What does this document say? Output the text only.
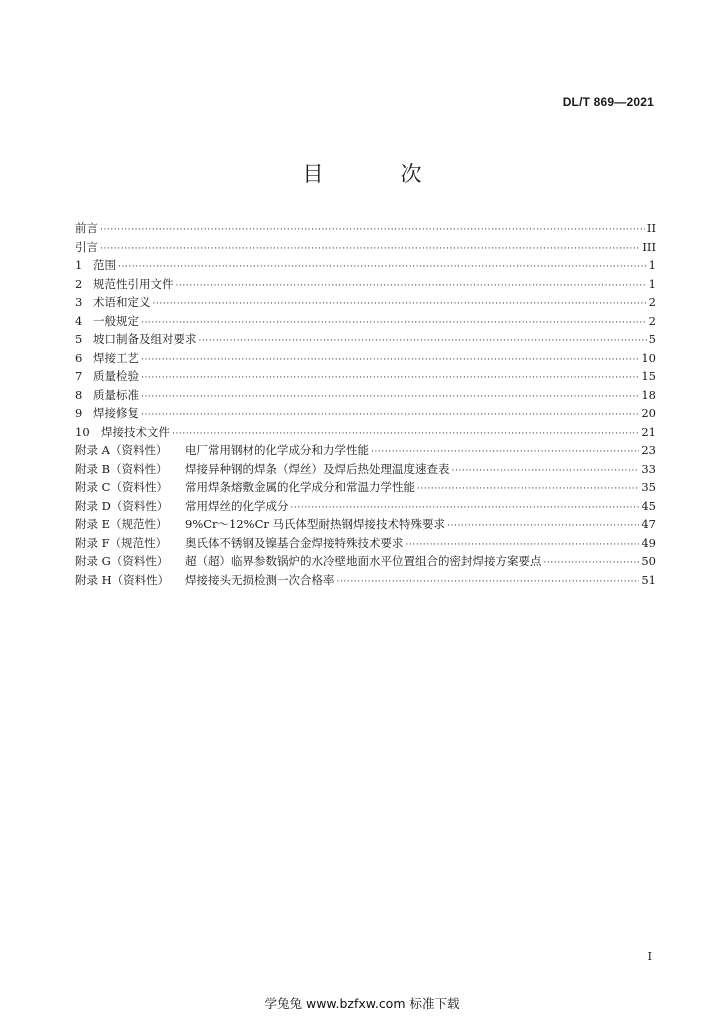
DL/T 869—2021
目　次
前言 ·····	II
引言 ·····	III
1 范围 ·····	1
2 规范性引用文件 ·····	1
3 术语和定义 ·····	2
4 一般规定 ·····	2
5 坡口制备及组对要求 ·····	5
6 焊接工艺 ·····	10
7 质量检验 ·····	15
8 质量标准 ·····	18
9 焊接修复 ·····	20
10 焊接技术文件 ·····	21
附录 A（资料性）	电厂常用钢材的化学成分和力学性能 ·····	23
附录 B（资料性）	焊接异种钢的焊条（焊丝）及焊后热处理温度速查表 ·····	33
附录 C（资料性）	常用焊条熔敷金属的化学成分和常温力学性能 ·····	35
附录 D（资料性）	常用焊丝的化学成分 ·····	45
附录 E（规范性）	9%Cr～12%Cr 马氏体型耐热钢焊接技术特殊要求 ·····	47
附录 F（规范性）	奥氏体不锈钢及镍基合金焊接特殊技术要求 ·····	49
附录 G（资料性）	超（超）临界参数锅炉的水冷壁地面水平位置组合的密封焊接方案要点 ·····	50
附录 H（资料性）	焊接接头无损检测一次合格率 ·····	51
I
学兔兔 www.bzfxw.com 标准下载
